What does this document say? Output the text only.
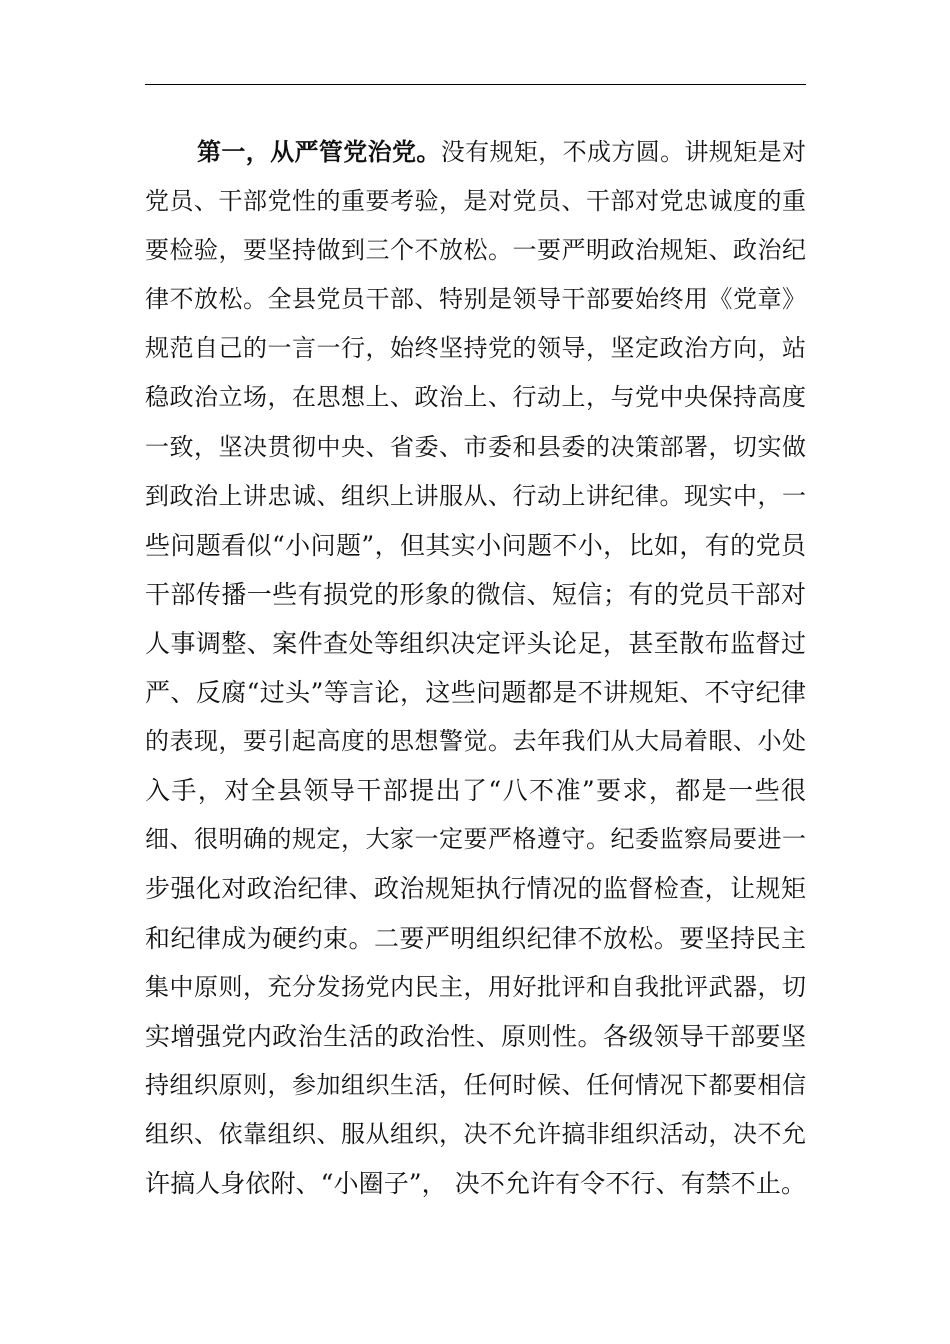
第一，从严管党治党。没有规矩，不成方圆。讲规矩是对
党员、干部党性的重要考验，是对党员、干部对党忠诚度的重
要检验，要坚持做到三个不放松。一要严明政治规矩、政治纪
律不放松。全县党员干部、特别是领导干部要始终用《党章》
规范自己的一言一行，始终坚持党的领导，坚定政治方向，站
稳政治立场，在思想上、政治上、行动上，与党中央保持高度
一致，坚决贯彻中央、省委、市委和县委的决策部署，切实做
到政治上讲忠诚、组织上讲服从、行动上讲纪律。现实中，一
些问题看似“小问题”，但其实小问题不小，比如，有的党员
干部传播一些有损党的形象的微信、短信；有的党员干部对
人事调整、案件查处等组织决定评头论足，甚至散布监督过
严、反腐“过头”等言论，这些问题都是不讲规矩、不守纪律
的表现，要引起高度的思想警觉。去年我们从大局着眼、小处
入手，对全县领导干部提出了“八不准”要求，都是一些很
细、很明确的规定，大家一定要严格遵守。纪委监察局要进一
步强化对政治纪律、政治规矩执行情况的监督检查，让规矩
和纪律成为硬约束。二要严明组织纪律不放松。要坚持民主
集中原则，充分发扬党内民主，用好批评和自我批评武器，切
实增强党内政治生活的政治性、原则性。各级领导干部要坚
持组织原则，参加组织生活，任何时候、任何情况下都要相信
组织、依靠组织、服从组织，决不允许搞非组织活动，决不允
许搞人身依附、“小圈子”， 决不允许有令不行、有禁不止。
